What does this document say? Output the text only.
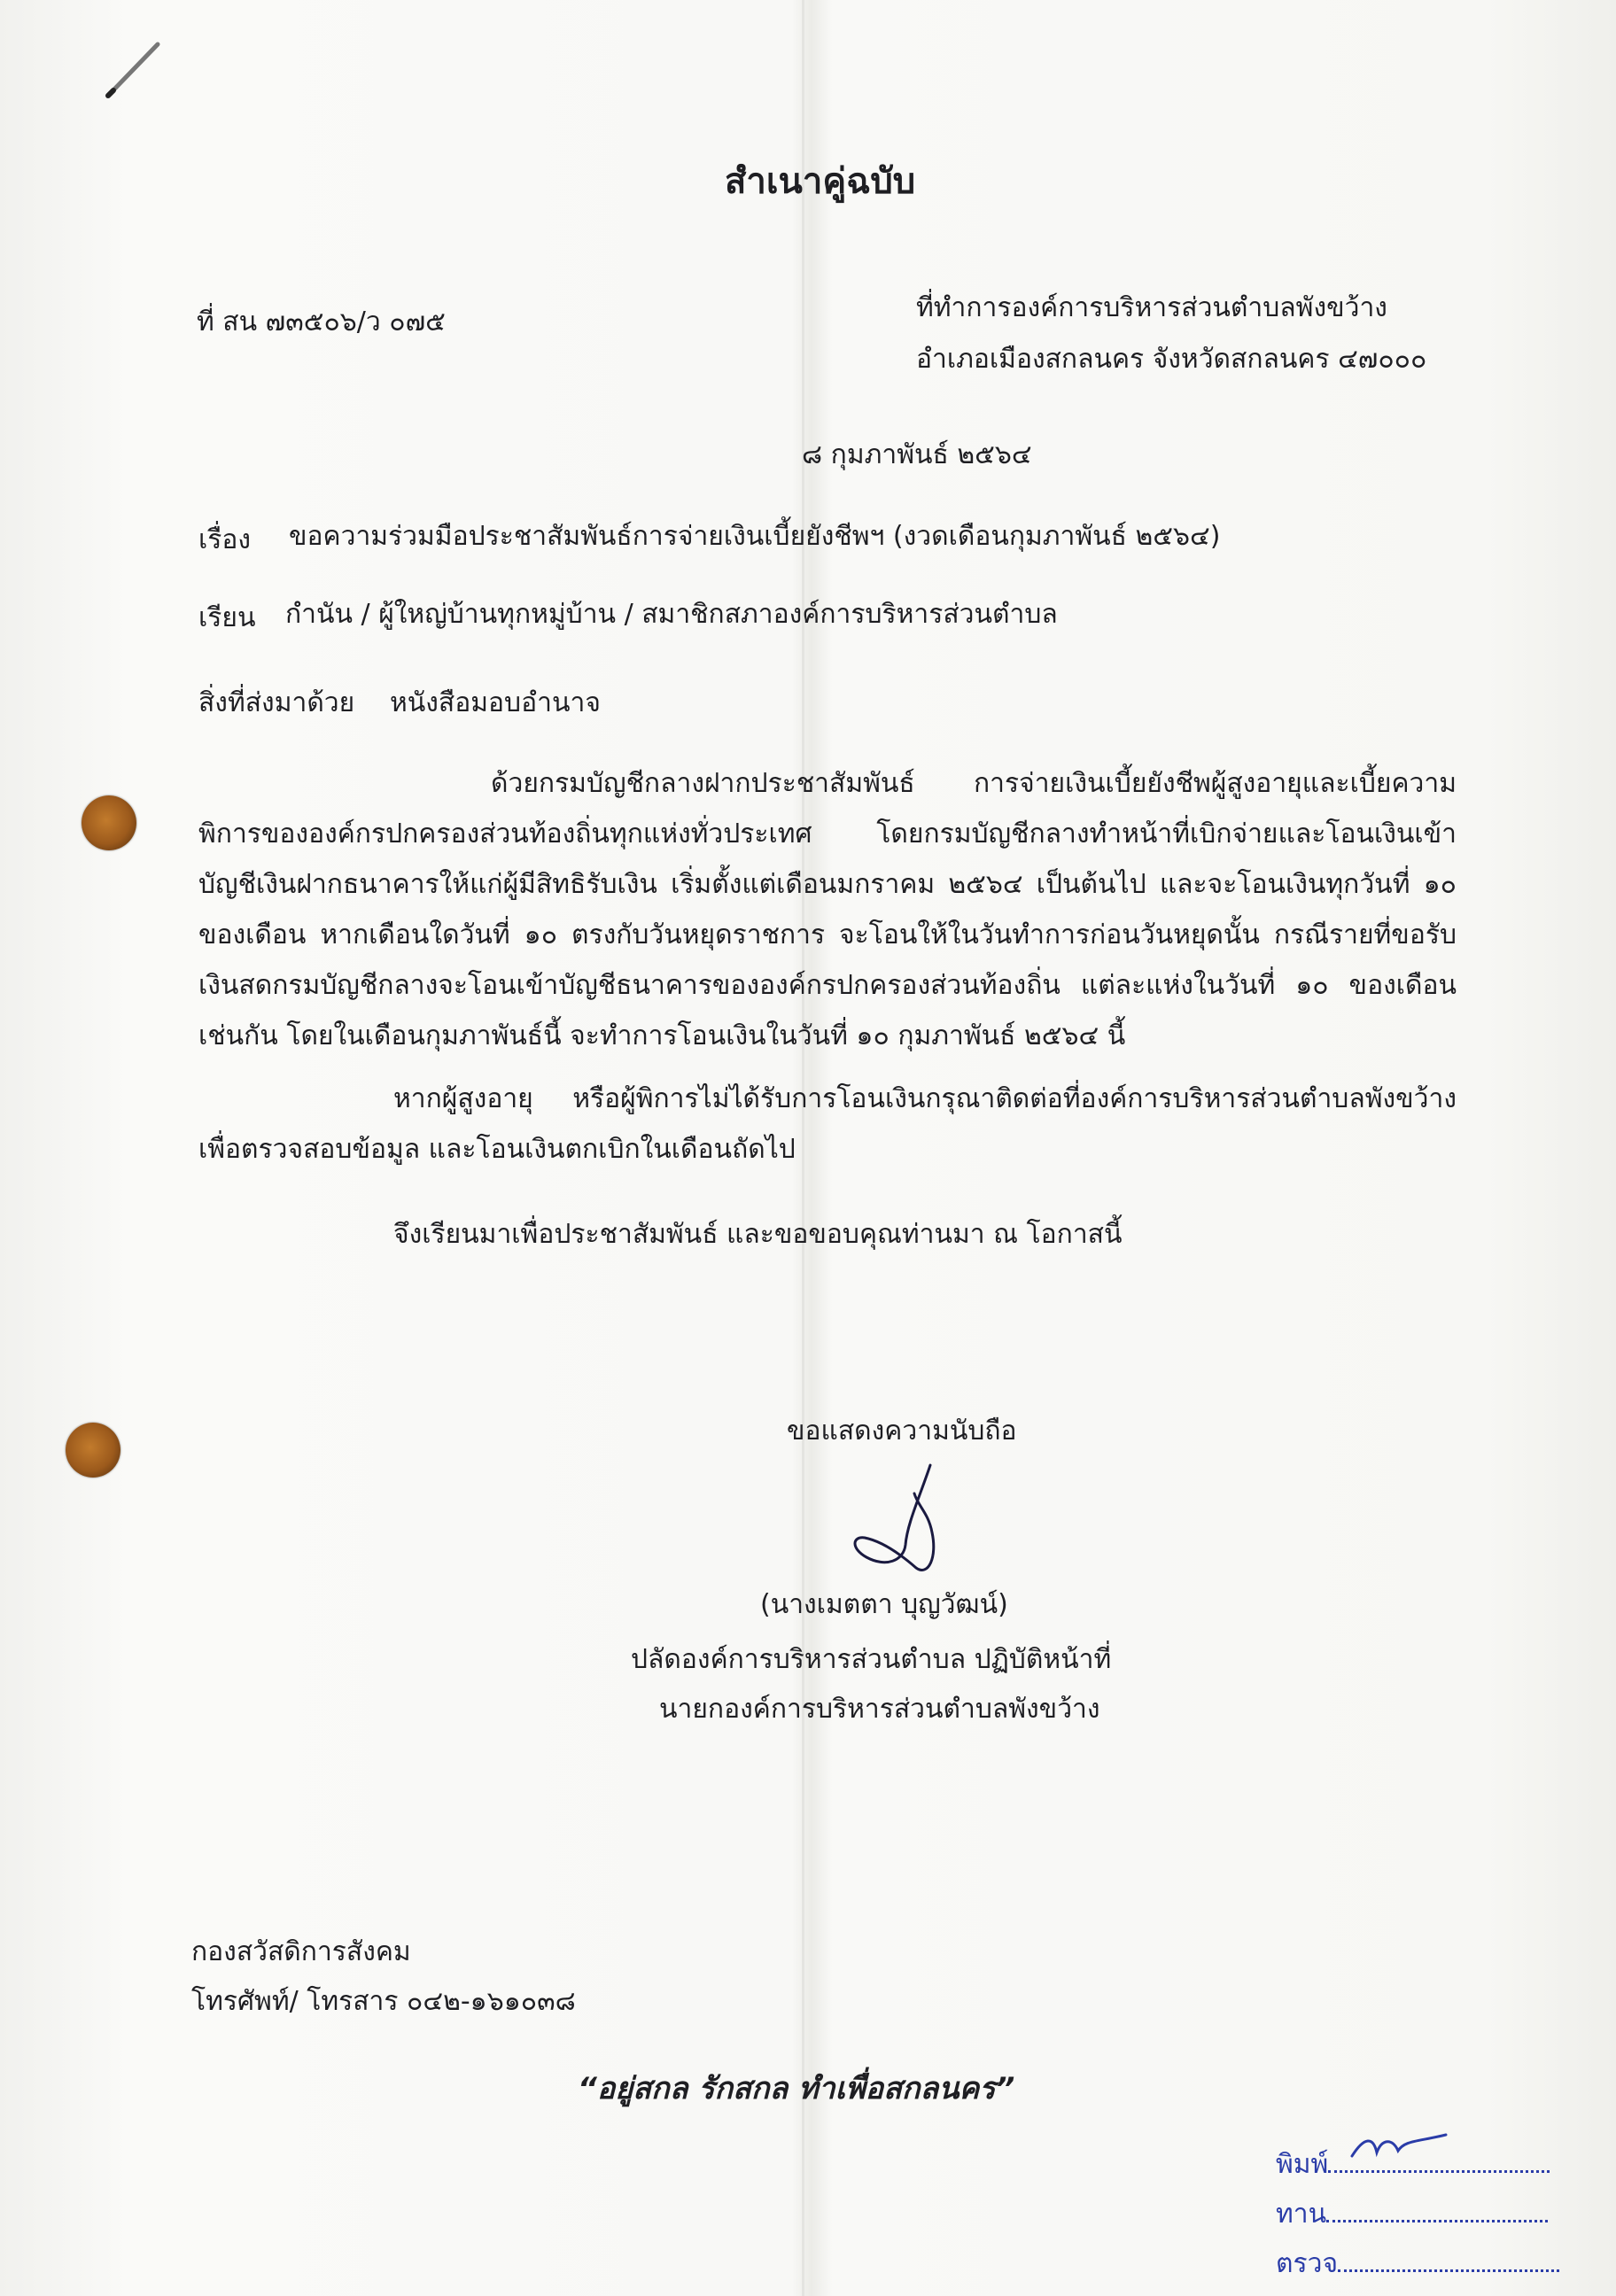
สำเนาคู่ฉบับ
ที่ สน ๗๓๕๐๖/ว ๐๗๕	ที่ทำการองค์การบริหารส่วนตำบลพังขว้าง
อำเภอเมืองสกลนคร จังหวัดสกลนคร ๔๗๐๐๐
๘ กุมภาพันธ์ ๒๕๖๔
เรื่อง ขอความร่วมมือประชาสัมพันธ์การจ่ายเงินเบี้ยยังชีพฯ (งวดเดือนกุมภาพันธ์ ๒๕๖๔)
เรียน กำนัน / ผู้ใหญ่บ้านทุกหมู่บ้าน / สมาชิกสภาองค์การบริหารส่วนตำบล
สิ่งที่ส่งมาด้วย หนังสือมอบอำนาจ
ด้วยกรมบัญชีกลางฝากประชาสัมพันธ์ การจ่ายเงินเบี้ยยังชีพผู้สูงอายุและเบี้ยความ
พิการขององค์กรปกครองส่วนท้องถิ่นทุกแห่งทั่วประเทศ โดยกรมบัญชีกลางทำหน้าที่เบิกจ่ายและโอนเงินเข้า
บัญชีเงินฝากธนาคารให้แก่ผู้มีสิทธิรับเงิน เริ่มตั้งแต่เดือนมกราคม ๒๕๖๔ เป็นต้นไป และจะโอนเงินทุกวันที่ ๑๐
ของเดือน หากเดือนใดวันที่ ๑๐ ตรงกับวันหยุดราชการ จะโอนให้ในวันทำการก่อนวันหยุดนั้น กรณีรายที่ขอรับ
เงินสดกรมบัญชีกลางจะโอนเข้าบัญชีธนาคารขององค์กรปกครองส่วนท้องถิ่น แต่ละแห่งในวันที่ ๑๐ ของเดือน
เช่นกัน โดยในเดือนกุมภาพันธ์นี้ จะทำการโอนเงินในวันที่ ๑๐ กุมภาพันธ์ ๒๕๖๔ นี้
หากผู้สูงอายุ หรือผู้พิการไม่ได้รับการโอนเงินกรุณาติดต่อที่องค์การบริหารส่วนตำบลพังขว้าง
เพื่อตรวจสอบข้อมูล และโอนเงินตกเบิกในเดือนถัดไป
จึงเรียนมาเพื่อประชาสัมพันธ์ และขอขอบคุณท่านมา ณ โอกาสนี้
ขอแสดงความนับถือ
(นางเมตตา บุญวัฒน์)
ปลัดองค์การบริหารส่วนตำบล ปฏิบัติหน้าที่
นายกองค์การบริหารส่วนตำบลพังขว้าง
กองสวัสดิการสังคม
โทรศัพท์/ โทรสาร ๐๔๒-๑๖๑๐๓๘
“อยู่สกล รักสกล ทำเพื่อสกลนคร”
พิมพ์
ทาน
ตรวจ
